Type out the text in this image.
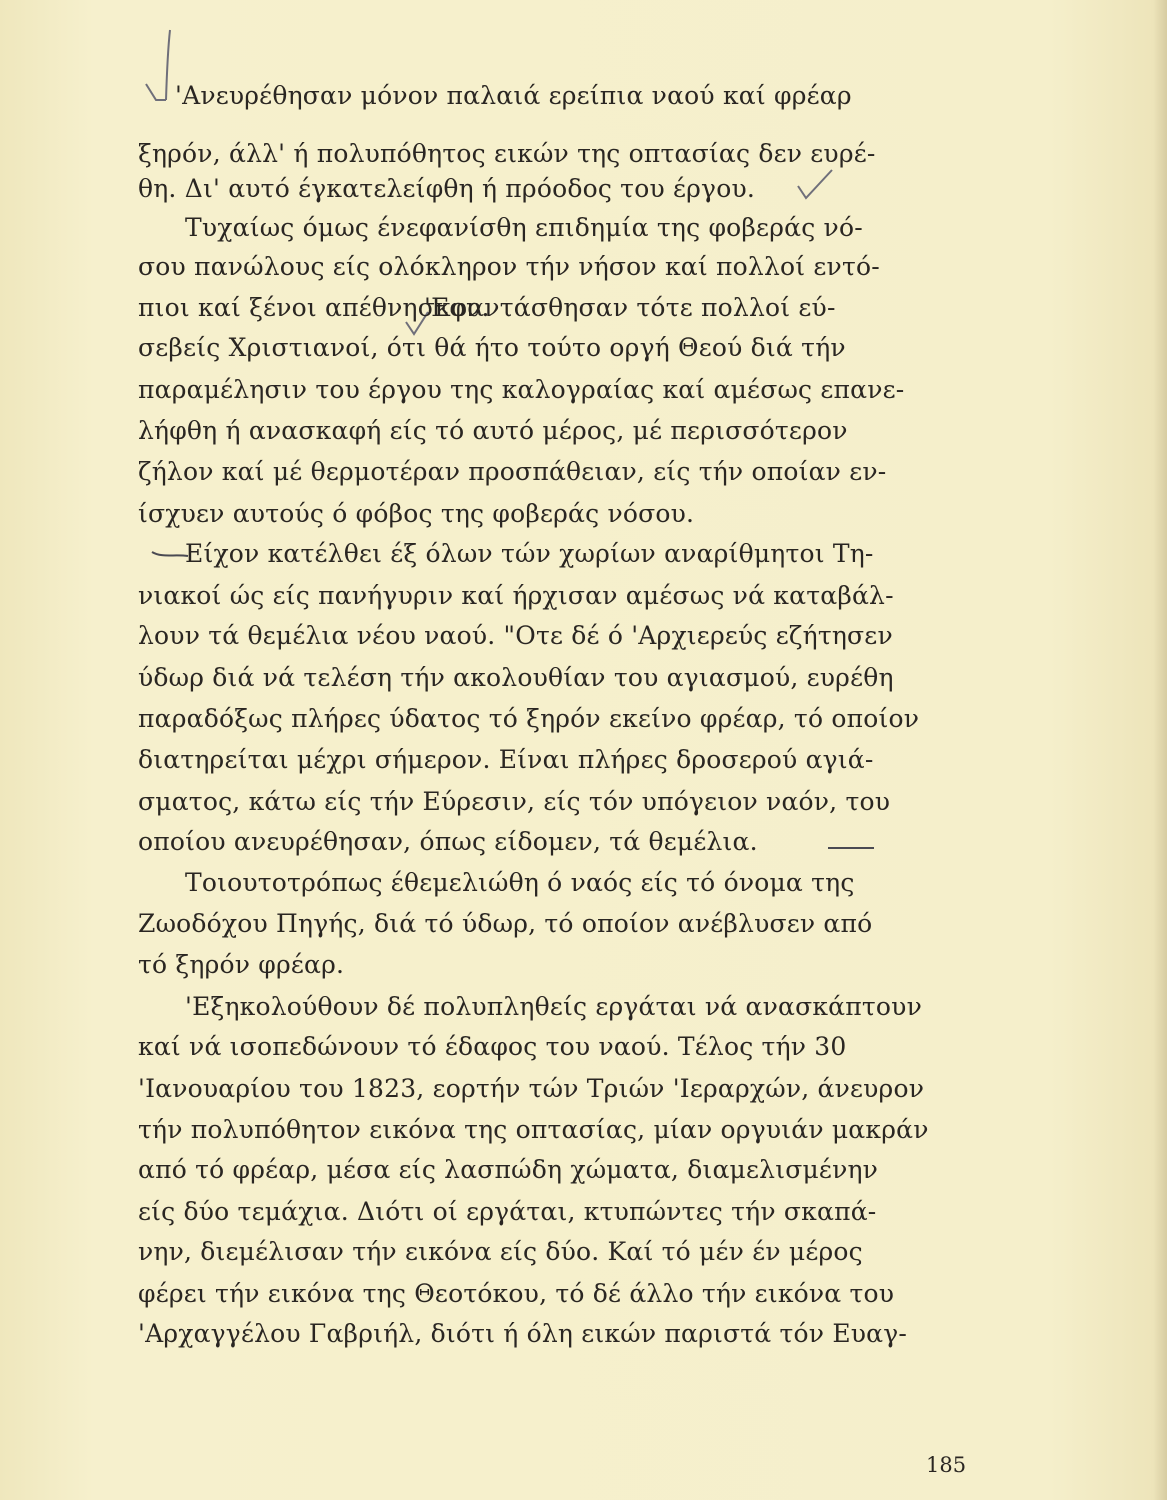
'Ανευρέθησαν μόνον παλαιά ερείπια ναού καί φρέαρ
ξηρόν, άλλ' ή πολυπόθητος εικών της οπτασίας δεν ευρέ-
θη. Δι' αυτό έγκατελείφθη ή πρόοδος του έργου.
Τυχαίως όμως ένεφανίσθη επιδημία της φοβεράς νό-
σου πανώλους είς ολόκληρον τήν νήσον καί πολλοί εντό-
πιοι καί ξένοι απέθνησκον.
'Εφαντάσθησαν τότε πολλοί εύ-
σεβείς Χριστιανοί, ότι θά ήτο τούτο οργή Θεού διά τήν
παραμέλησιν του έργου της καλογραίας καί αμέσως επανε-
λήφθη ή ανασκαφή είς τό αυτό μέρος, μέ περισσότερον
ζήλον καί μέ θερμοτέραν προσπάθειαν, είς τήν οποίαν εν-
ίσχυεν αυτούς ό φόβος της φοβεράς νόσου.
Είχον κατέλθει έξ όλων τών χωρίων αναρίθμητοι Τη-
νιακοί ώς είς πανήγυριν καί ήρχισαν αμέσως νά καταβάλ-
λουν τά θεμέλια νέου ναού. "Οτε δέ ό 'Αρχιερεύς εζήτησεν
ύδωρ διά νά τελέση τήν ακολουθίαν του αγιασμού, ευρέθη
παραδόξως πλήρες ύδατος τό ξηρόν εκείνο φρέαρ, τό οποίον
διατηρείται μέχρι σήμερον. Είναι πλήρες δροσερού αγιά-
σματος, κάτω είς τήν Εύρεσιν, είς τόν υπόγειον ναόν, του
οποίου ανευρέθησαν, όπως είδομεν, τά θεμέλια.
Τοιουτοτρόπως έθεμελιώθη ό ναός είς τό όνομα της
Ζωοδόχου Πηγής, διά τό ύδωρ, τό οποίον ανέβλυσεν από
τό ξηρόν φρέαρ.
'Εξηκολούθουν δέ πολυπληθείς εργάται νά ανασκάπτουν
καί νά ισοπεδώνουν τό έδαφος του ναού. Τέλος τήν 30
'Ιανουαρίου του 1823, εορτήν τών Τριών 'Ιεραρχών, άνευρον
τήν πολυπόθητον εικόνα της οπτασίας, μίαν οργυιάν μακράν
από τό φρέαρ, μέσα είς λασπώδη χώματα, διαμελισμένην
είς δύο τεμάχια. Διότι οί εργάται, κτυπώντες τήν σκαπά-
νην, διεμέλισαν τήν εικόνα είς δύο. Καί τό μέν έν μέρος
φέρει τήν εικόνα της Θεοτόκου, τό δέ άλλο τήν εικόνα του
'Αρχαγγέλου Γαβριήλ, διότι ή όλη εικών παριστά τόν Ευαγ-
185
